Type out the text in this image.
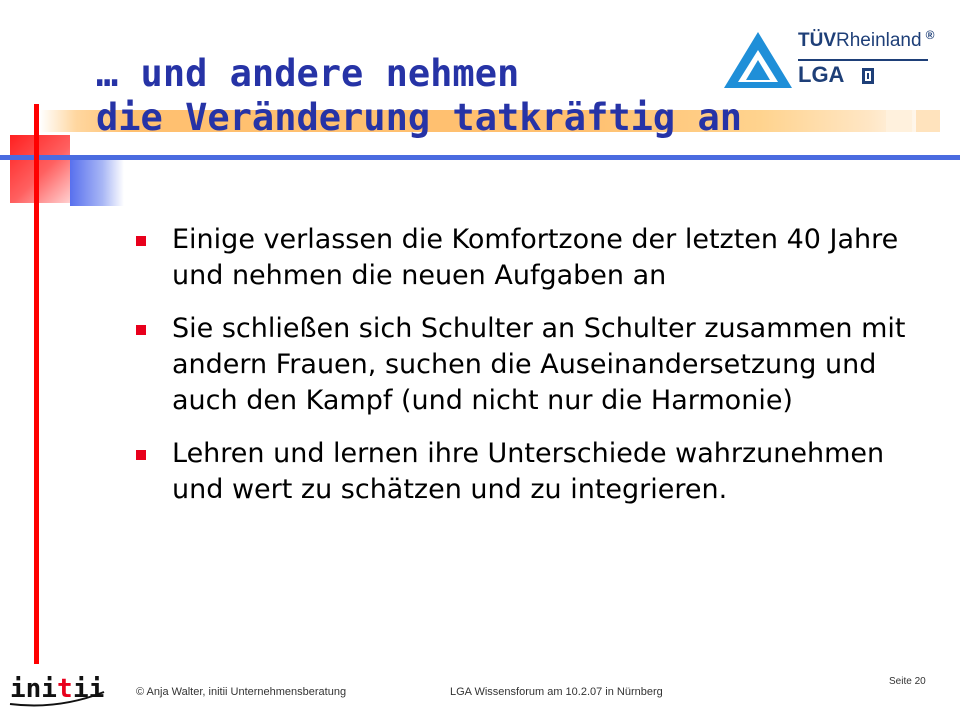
… und andere nehmen
die Veränderung tatkräftig an
TÜVRheinland ®
LGA
Einige verlassen die Komfortzone der letzten 40 Jahre und nehmen die neuen Aufgaben an
Sie schließen sich Schulter an Schulter zusammen mit andern Frauen, suchen die Auseinandersetzung und auch den Kampf (und nicht nur die Harmonie)
Lehren und lernen ihre Unterschiede wahrzunehmen und wert zu schätzen und zu integrieren.
ini t ii	© Anja Walter, initii Unternehmensberatung	LGA Wissensforum am 10.2.07 in Nürnberg
Seite 20
